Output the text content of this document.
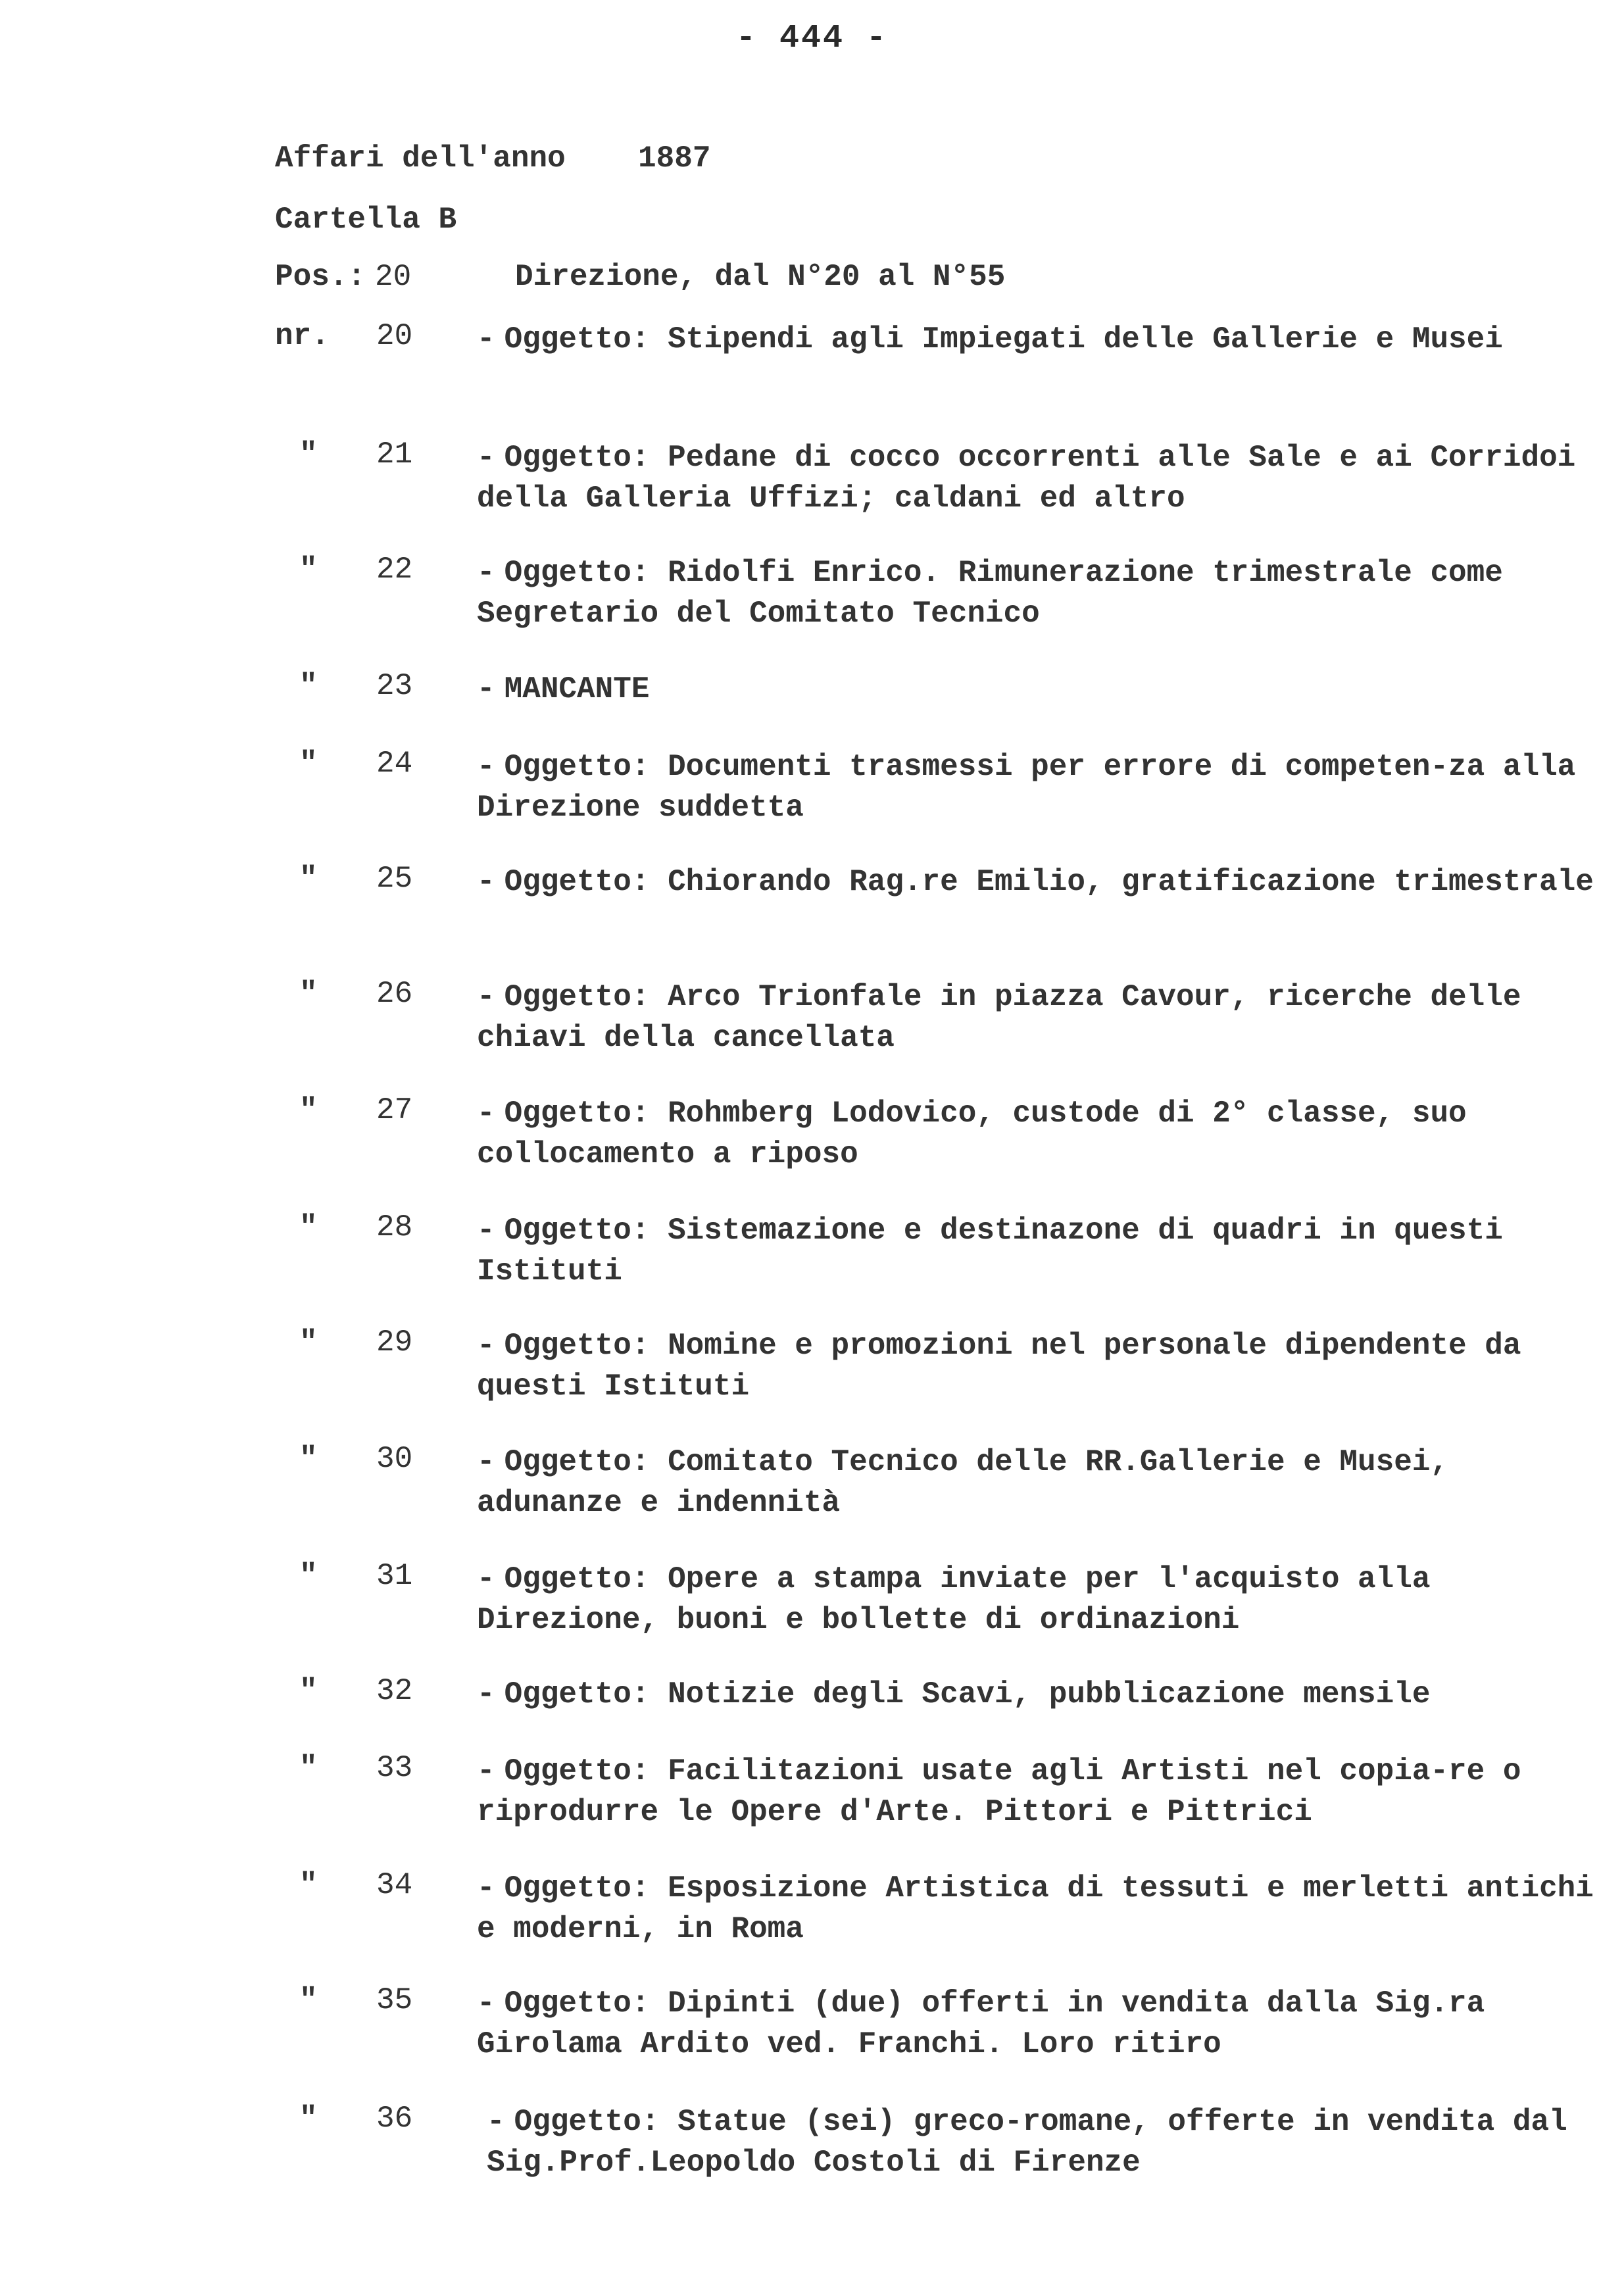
- 444 -
Affari dell'anno 1887
Cartella B
Pos.: 20	Direzione, dal N°20 al N°55
nr. 20 - Oggetto: Stipendi agli Impiegati delle Gallerie e Musei
" 21 - Oggetto: Pedane di cocco occorrenti alle Sale e ai Corridoi della Galleria Uffizi; caldani ed altro
" 22 - Oggetto: Ridolfi Enrico. Rimunerazione trimestrale come Segretario del Comitato Tecnico
" 23 - MANCANTE
" 24 - Oggetto: Documenti trasmessi per errore di competen-za alla Direzione suddetta
" 25 - Oggetto: Chiorando Rag.re Emilio, gratificazione trimestrale
" 26 - Oggetto: Arco Trionfale in piazza Cavour, ricerche delle chiavi della cancellata
" 27 - Oggetto: Rohmberg Lodovico, custode di 2° classe, suo collocamento a riposo
" 28 - Oggetto: Sistemazione e destinazone di quadri in questi Istituti
" 29 - Oggetto: Nomine e promozioni nel personale dipendente da questi Istituti
" 30 - Oggetto: Comitato Tecnico delle RR.Gallerie e Musei, adunanze e indennità
" 31 - Oggetto: Opere a stampa inviate per l'acquisto alla Direzione, buoni e bollette di ordinazioni
" 32 - Oggetto: Notizie degli Scavi, pubblicazione mensile
" 33 - Oggetto: Facilitazioni usate agli Artisti nel copia-re o riprodurre le Opere d'Arte. Pittori e Pittrici
" 34 - Oggetto: Esposizione Artistica di tessuti e merletti antichi e moderni, in Roma
" 35 - Oggetto: Dipinti (due) offerti in vendita dalla Sig.ra Girolama Ardito ved. Franchi. Loro ritiro
" 36 - Oggetto: Statue (sei) greco-romane, offerte in vendita dal Sig.Prof.Leopoldo Costoli di Firenze
